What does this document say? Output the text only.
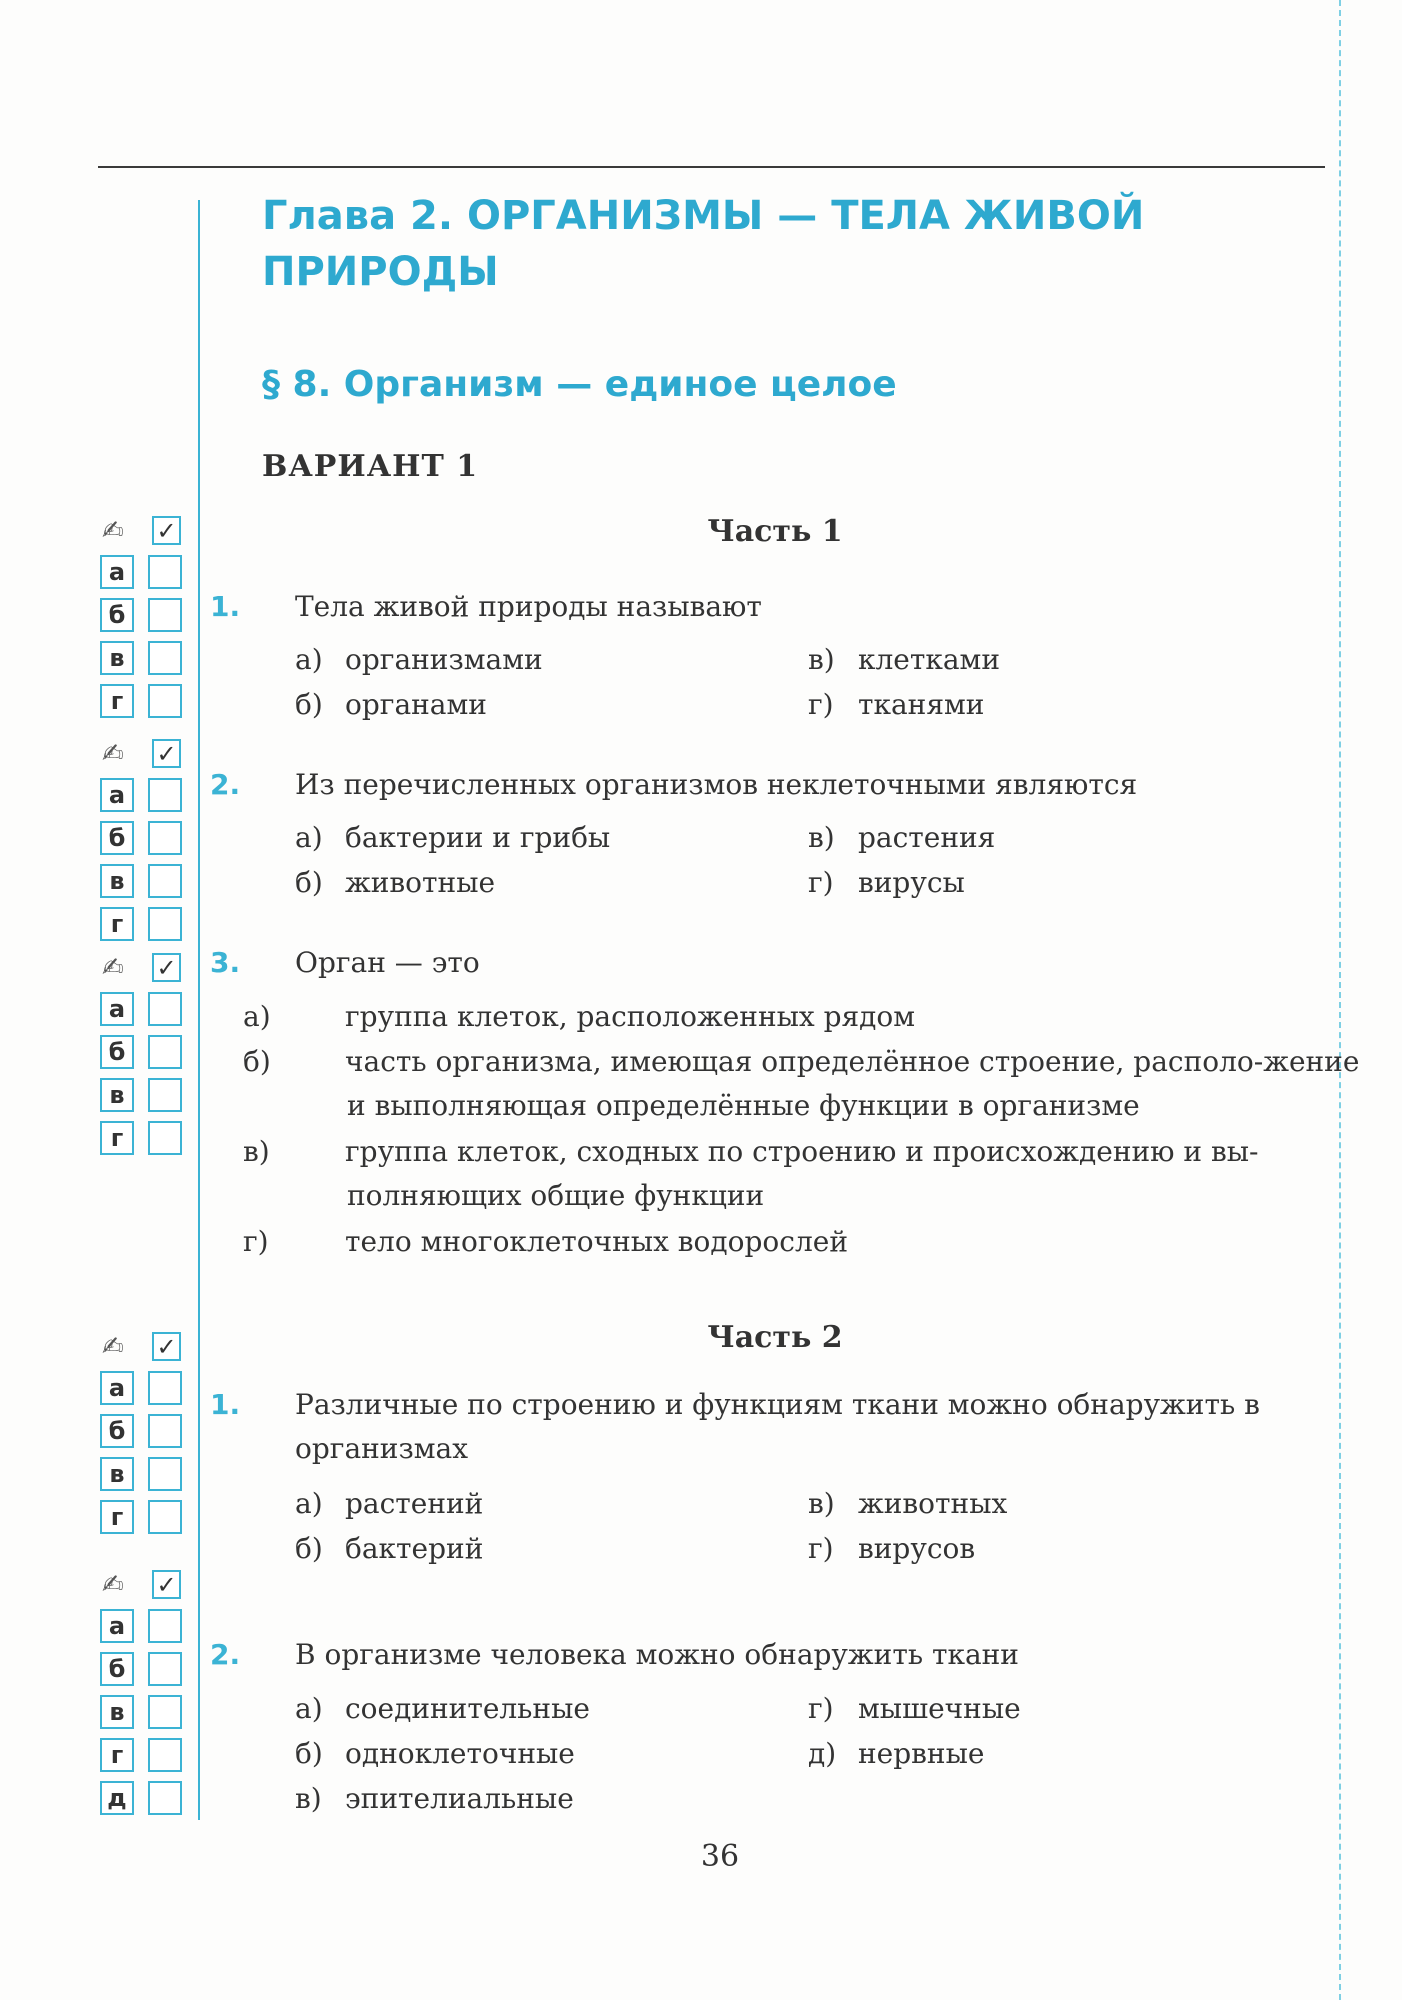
Глава 2. ОРГАНИЗМЫ — ТЕЛА ЖИВОЙ ПРИРОДЫ
§ 8. Организм — единое целое
ВАРИАНТ 1
✍ ✓
а
б
в
г
✍ ✓
а
б
в
г
✍ ✓
а
б
в
г
✍ ✓
а
б
в
г
✍ ✓
а
б
в
г
д
Часть 1
1.	Тела живой природы называют
а) организмами
б) органами
в) клетками
г) тканями
2.	Из перечисленных организмов неклеточными являются
а) бактерии и грибы
б) животные
в) растения
г) вирусы
3.	Орган — это
а)	группа клеток, расположенных рядом
б)	часть организма, имеющая определённое строение, располо-жение и выполняющая определённые функции в организме
в)	группа клеток, сходных по строению и происхождению и вы-полняющих общие функции
г)	тело многоклеточных водорослей
Часть 2
1.	Различные по строению и функциям ткани можно обнаружить в организмах
а) растений
б) бактерий
в) животных
г) вирусов
2.	В организме человека можно обнаружить ткани
а) соединительные
б) одноклеточные
в) эпителиальные
г) мышечные
д) нервные
36
